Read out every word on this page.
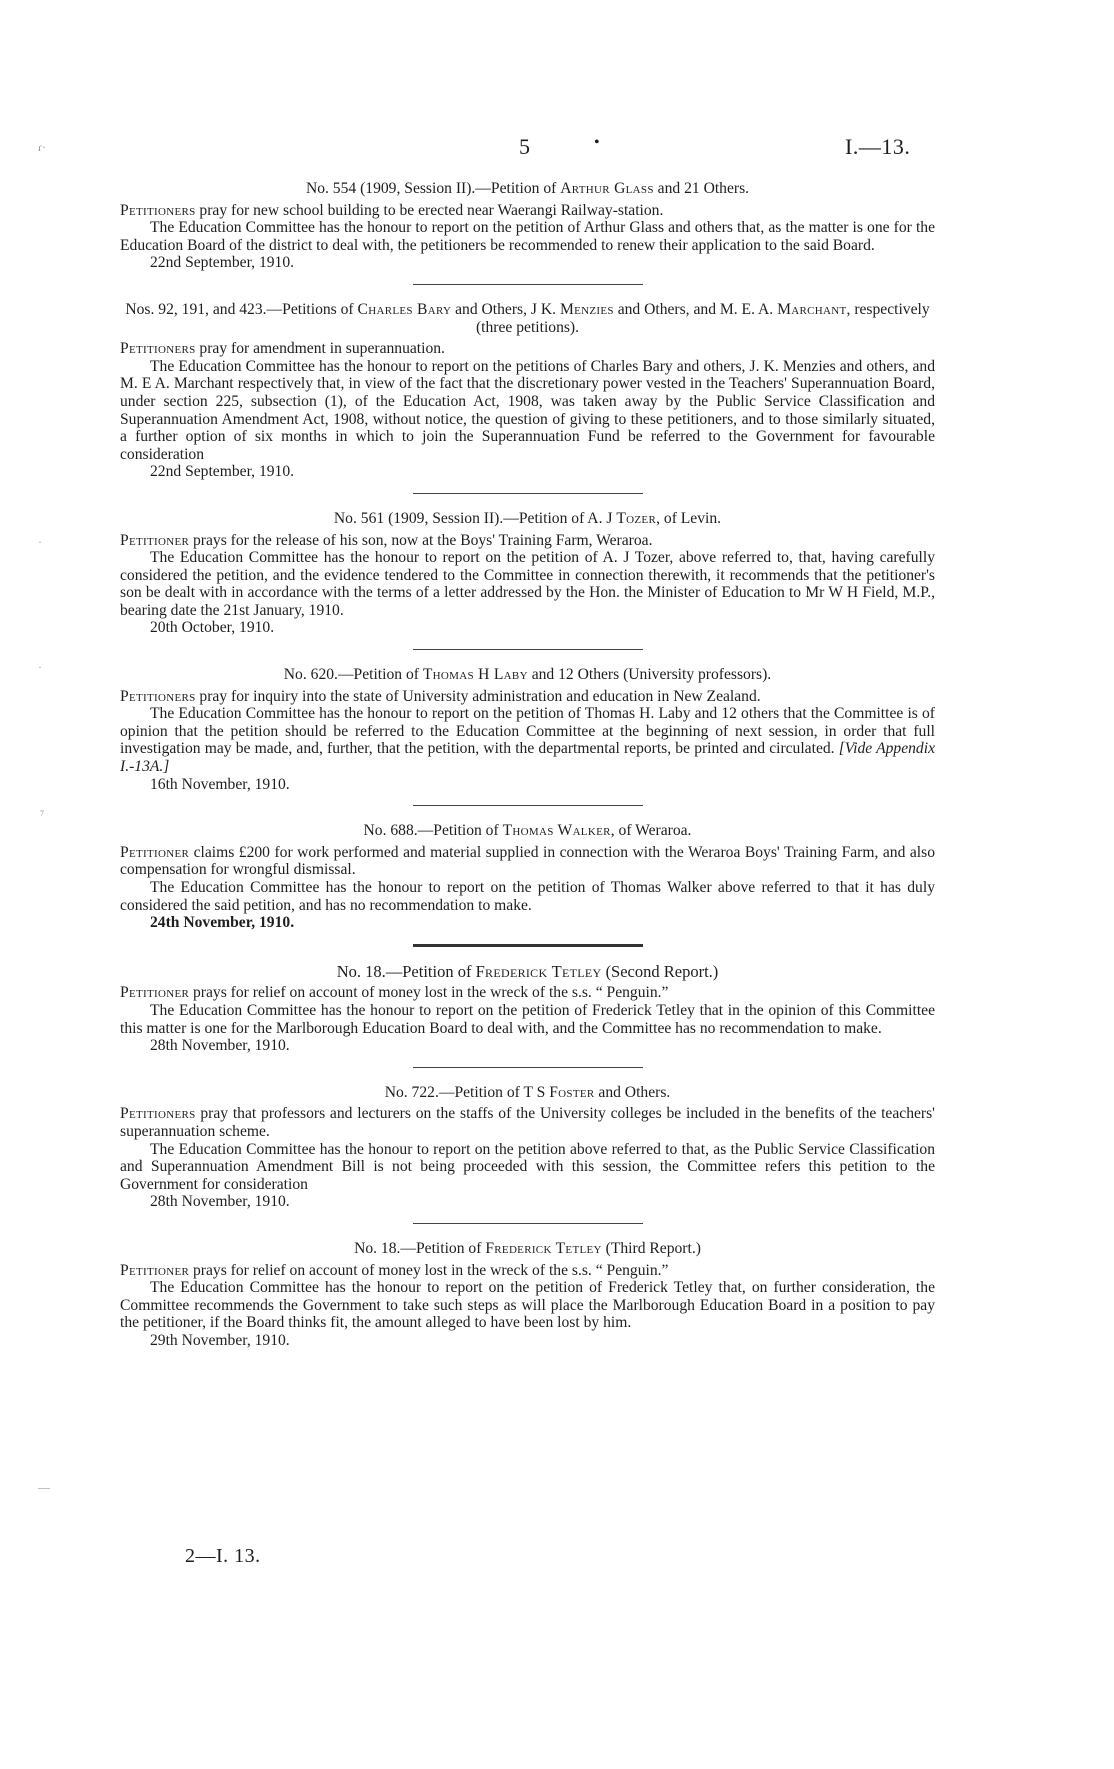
ɾ·
·
·
⁷
—
5	•	I.—13.

No. 554 (1909, Session II).—Petition of Arthur Glass and 21 Others.

Petitioners pray for new school building to be erected near Waerangi Railway-station.

The Education Committee has the honour to report on the petition of Arthur Glass and others that, as the matter is one for the Education Board of the district to deal with, the petitioners be recommended to renew their application to the said Board.

22nd September, 1910.

Nos. 92, 191, and 423.—Petitions of Charles Bary and Others, J K. Menzies and Others, and M. E. A. Marchant, respectively (three petitions).

Petitioners pray for amendment in superannuation.

The Education Committee has the honour to report on the petitions of Charles Bary and others, J. K. Menzies and others, and M. E A. Marchant respectively that, in view of the fact that the discretionary power vested in the Teachers' Superannuation Board, under section 225, subsection (1), of the Education Act, 1908, was taken away by the Public Service Classification and Superannuation Amendment Act, 1908, without notice, the question of giving to these petitioners, and to those similarly situated, a further option of six months in which to join the Superannuation Fund be referred to the Government for favourable consideration

22nd September, 1910.

No. 561 (1909, Session II).—Petition of A. J Tozer, of Levin.

Petitioner prays for the release of his son, now at the Boys' Training Farm, Weraroa.

The Education Committee has the honour to report on the petition of A. J Tozer, above referred to, that, having carefully considered the petition, and the evidence tendered to the Committee in connection therewith, it recommends that the petitioner's son be dealt with in accordance with the terms of a letter addressed by the Hon. the Minister of Education to Mr W H Field, M.P., bearing date the 21st January, 1910.

20th October, 1910.

No. 620.—Petition of Thomas H Laby and 12 Others (University professors).

Petitioners pray for inquiry into the state of University administration and education in New Zealand.

The Education Committee has the honour to report on the petition of Thomas H. Laby and 12 others that the Committee is of opinion that the petition should be referred to the Education Committee at the beginning of next session, in order that full investigation may be made, and, further, that the petition, with the departmental reports, be printed and circulated. [Vide Appendix I.-13A.]

16th November, 1910.

No. 688.—Petition of Thomas Walker, of Weraroa.

Petitioner claims £200 for work performed and material supplied in connection with the Weraroa Boys' Training Farm, and also compensation for wrongful dismissal.

The Education Committee has the honour to report on the petition of Thomas Walker above referred to that it has duly considered the said petition, and has no recommendation to make.

24th November, 1910.

No. 18.—Petition of Frederick Tetley (Second Report.)

Petitioner prays for relief on account of money lost in the wreck of the s.s. “ Penguin.”

The Education Committee has the honour to report on the petition of Frederick Tetley that in the opinion of this Committee this matter is one for the Marlborough Education Board to deal with, and the Committee has no recommendation to make.

28th November, 1910.

No. 722.—Petition of T S Foster and Others.

Petitioners pray that professors and lecturers on the staffs of the University colleges be included in the benefits of the teachers' superannuation scheme.

The Education Committee has the honour to report on the petition above referred to that, as the Public Service Classification and Superannuation Amendment Bill is not being proceeded with this session, the Committee refers this petition to the Government for consideration

28th November, 1910.

No. 18.—Petition of Frederick Tetley (Third Report.)

Petitioner prays for relief on account of money lost in the wreck of the s.s. “ Penguin.”

The Education Committee has the honour to report on the petition of Frederick Tetley that, on further consideration, the Committee recommends the Government to take such steps as will place the Marlborough Education Board in a position to pay the petitioner, if the Board thinks fit, the amount alleged to have been lost by him.

29th November, 1910.

2—I. 13.
